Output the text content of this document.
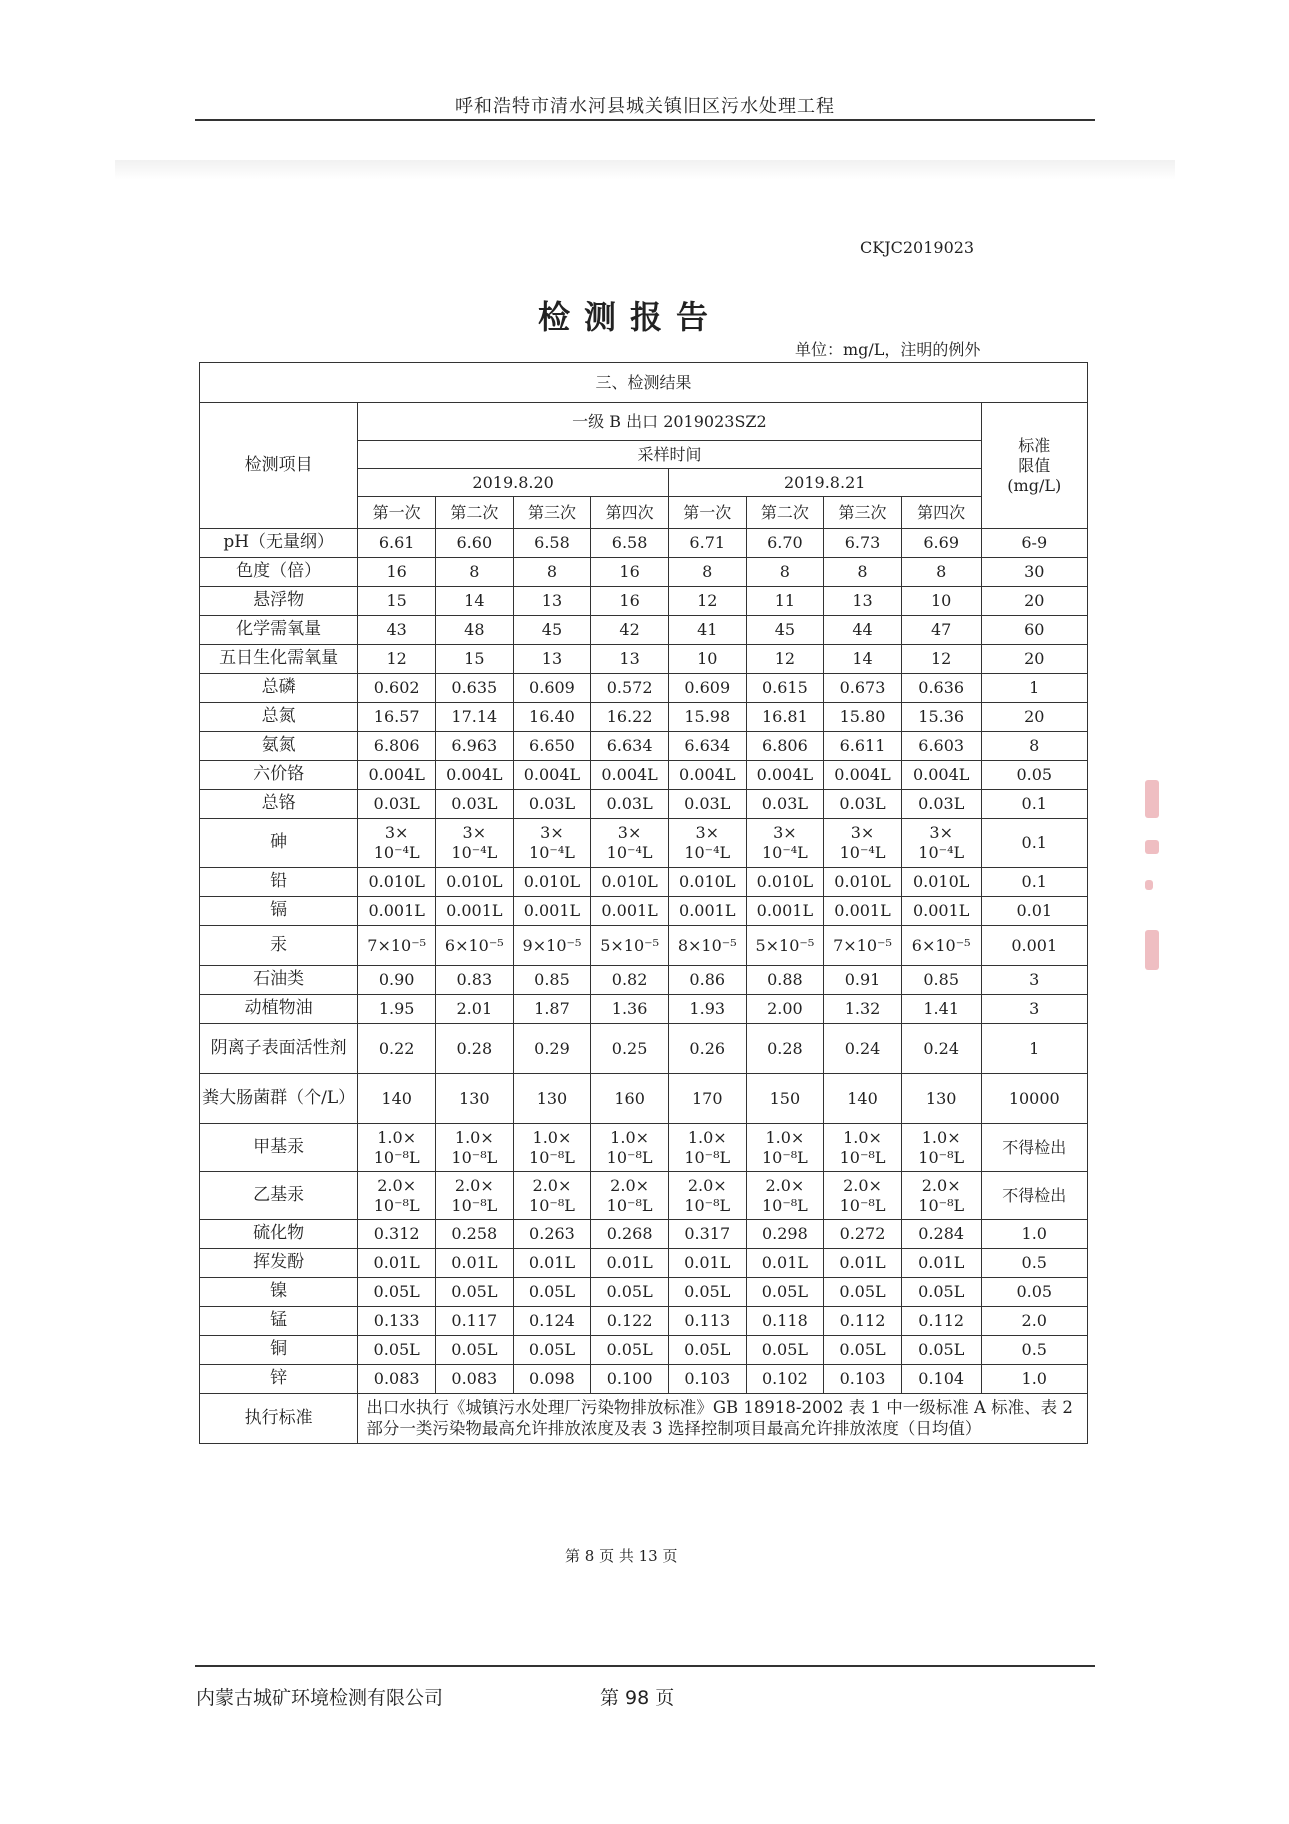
呼和浩特市清水河县城关镇旧区污水处理工程
CKJC2019023
检测报告
单位：mg/L，注明的例外
三、检测结果									
检测项目	一级 B 出口 2019023SZ2								标准
限值
(mg/L)
	采样时间								
	2019.8.20				2019.8.21				
	第一次	第二次	第三次	第四次	第一次	第二次	第三次	第四次	
pH（无量纲）	6.61	6.60	6.58	6.58	6.71	6.70	6.73	6.69	6-9
色度（倍）	16	8	8	16	8	8	8	8	30
悬浮物	15	14	13	16	12	11	13	10	20
化学需氧量	43	48	45	42	41	45	44	47	60
五日生化需氧量	12	15	13	13	10	12	14	12	20
总磷	0.602	0.635	0.609	0.572	0.609	0.615	0.673	0.636	1
总氮	16.57	17.14	16.40	16.22	15.98	16.81	15.80	15.36	20
氨氮	6.806	6.963	6.650	6.634	6.634	6.806	6.611	6.603	8
六价铬	0.004L	0.004L	0.004L	0.004L	0.004L	0.004L	0.004L	0.004L	0.05
总铬	0.03L	0.03L	0.03L	0.03L	0.03L	0.03L	0.03L	0.03L	0.1
砷	3×
10⁻⁴L	3×
10⁻⁴L	3×
10⁻⁴L	3×
10⁻⁴L	3×
10⁻⁴L	3×
10⁻⁴L	3×
10⁻⁴L	3×
10⁻⁴L	0.1
铅	0.010L	0.010L	0.010L	0.010L	0.010L	0.010L	0.010L	0.010L	0.1
镉	0.001L	0.001L	0.001L	0.001L	0.001L	0.001L	0.001L	0.001L	0.01
汞	7×10⁻⁵	6×10⁻⁵	9×10⁻⁵	5×10⁻⁵	8×10⁻⁵	5×10⁻⁵	7×10⁻⁵	6×10⁻⁵	0.001
石油类	0.90	0.83	0.85	0.82	0.86	0.88	0.91	0.85	3
动植物油	1.95	2.01	1.87	1.36	1.93	2.00	1.32	1.41	3
阴离子表面活性剂	0.22	0.28	0.29	0.25	0.26	0.28	0.24	0.24	1
粪大肠菌群（个/L）	140	130	130	160	170	150	140	130	10000
甲基汞	1.0×
10⁻⁸L	1.0×
10⁻⁸L	1.0×
10⁻⁸L	1.0×
10⁻⁸L	1.0×
10⁻⁸L	1.0×
10⁻⁸L	1.0×
10⁻⁸L	1.0×
10⁻⁸L	不得检出
乙基汞	2.0×
10⁻⁸L	2.0×
10⁻⁸L	2.0×
10⁻⁸L	2.0×
10⁻⁸L	2.0×
10⁻⁸L	2.0×
10⁻⁸L	2.0×
10⁻⁸L	2.0×
10⁻⁸L	不得检出
硫化物	0.312	0.258	0.263	0.268	0.317	0.298	0.272	0.284	1.0
挥发酚	0.01L	0.01L	0.01L	0.01L	0.01L	0.01L	0.01L	0.01L	0.5
镍	0.05L	0.05L	0.05L	0.05L	0.05L	0.05L	0.05L	0.05L	0.05
锰	0.133	0.117	0.124	0.122	0.113	0.118	0.112	0.112	2.0
铜	0.05L	0.05L	0.05L	0.05L	0.05L	0.05L	0.05L	0.05L	0.5
锌	0.083	0.083	0.098	0.100	0.103	0.102	0.103	0.104	1.0
执行标准	出口水执行《城镇污水处理厂污染物排放标准》GB 18918-2002 表 1 中一级标准 A 标准、表 2 部分一类污染物最高允许排放浓度及表 3 选择控制项目最高允许排放浓度（日均值）								
第 8 页 共 13 页
内蒙古城矿环境检测有限公司	第 98 页
